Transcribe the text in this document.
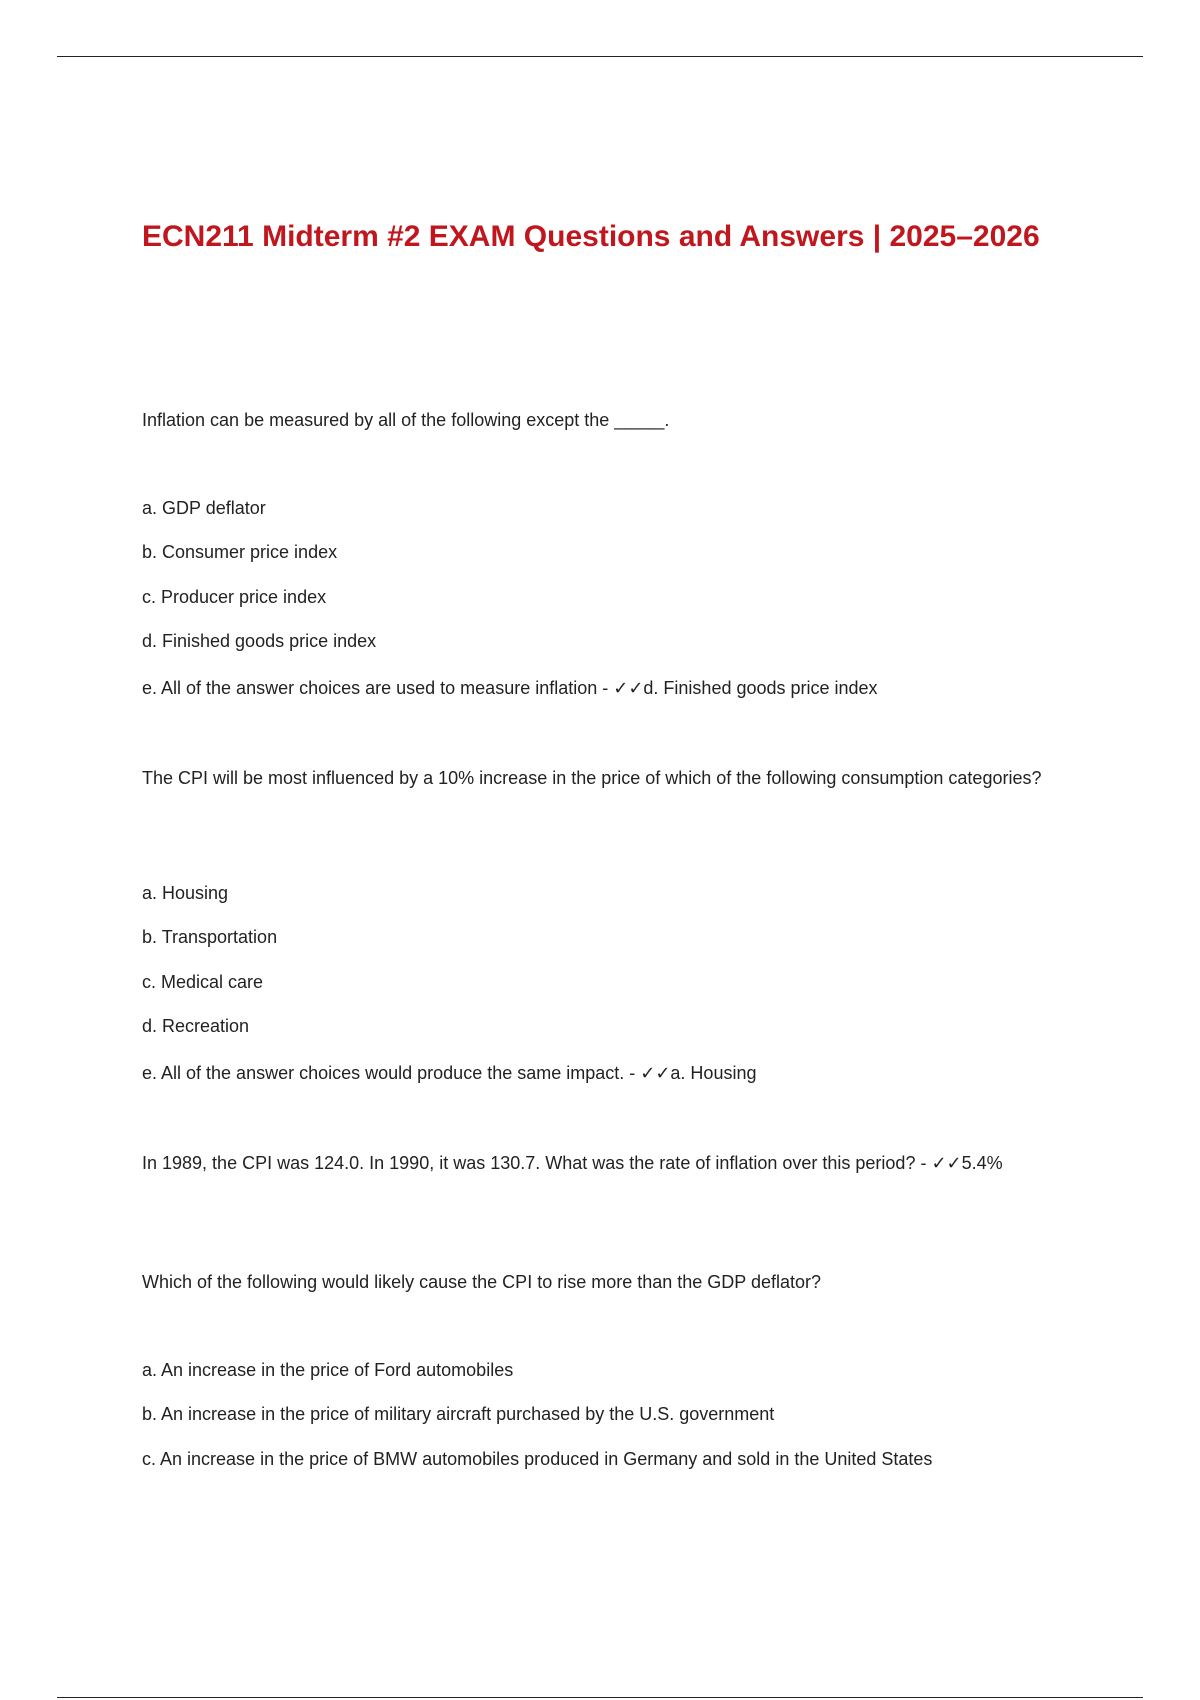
ECN211 Midterm #2 EXAM Questions and Answers | 2025–2026

Inflation can be measured by all of the following except the _____.

a. GDP deflator

b. Consumer price index

c. Producer price index

d. Finished goods price index

e. All of the answer choices are used to measure inflation - ✓✓d. Finished goods price index

The CPI will be most influenced by a 10% increase in the price of which of the following consumption categories?

a. Housing

b. Transportation

c. Medical care

d. Recreation

e. All of the answer choices would produce the same impact. - ✓✓a. Housing

In 1989, the CPI was 124.0. In 1990, it was 130.7. What was the rate of inflation over this period? - ✓✓5.4%

Which of the following would likely cause the CPI to rise more than the GDP deflator?

a. An increase in the price of Ford automobiles

b. An increase in the price of military aircraft purchased by the U.S. government

c. An increase in the price of BMW automobiles produced in Germany and sold in the United States
